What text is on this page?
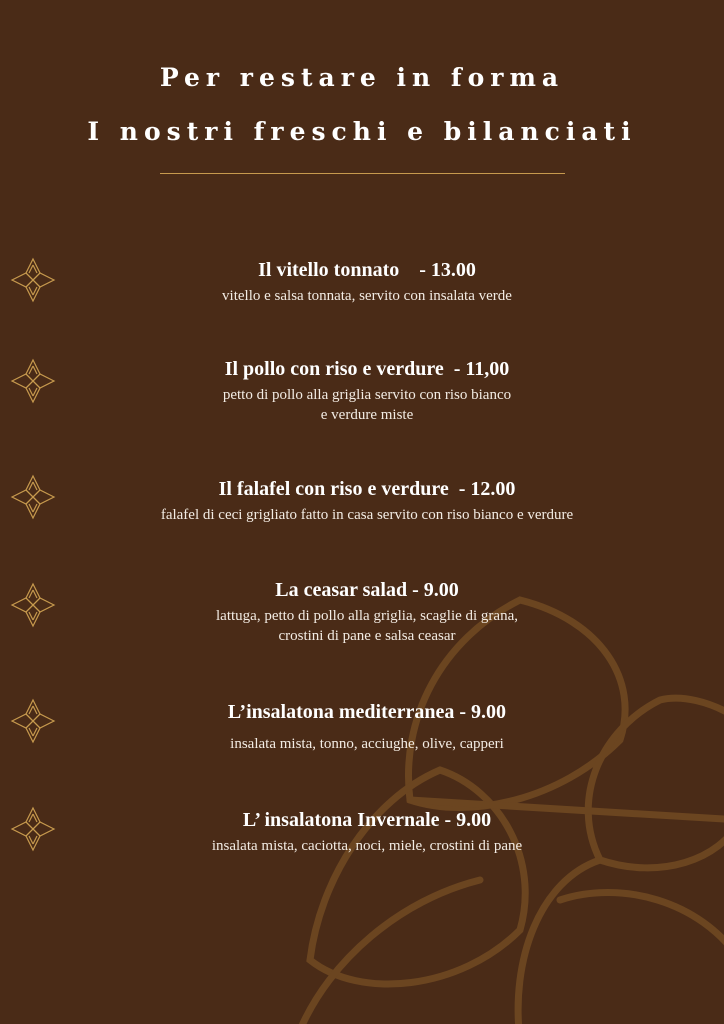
Per restare in forma
I nostri freschi e bilanciati
Il vitello tonnato    - 13.00
vitello e salsa tonnata, servito con insalata verde
Il pollo con riso e verdure  - 11,00
petto di pollo alla griglia servito con riso bianco
e verdure miste
Il falafel con riso e verdure  - 12.00
falafel di ceci grigliato fatto in casa servito con riso bianco e verdure
La ceasar salad - 9.00
lattuga, petto di pollo alla griglia, scaglie di grana,
crostini di pane e salsa ceasar
L’insalatona mediterranea - 9.00
insalata mista, tonno, acciughe, olive, capperi
L’ insalatona Invernale - 9.00
insalata mista, caciotta, noci, miele, crostini di pane
